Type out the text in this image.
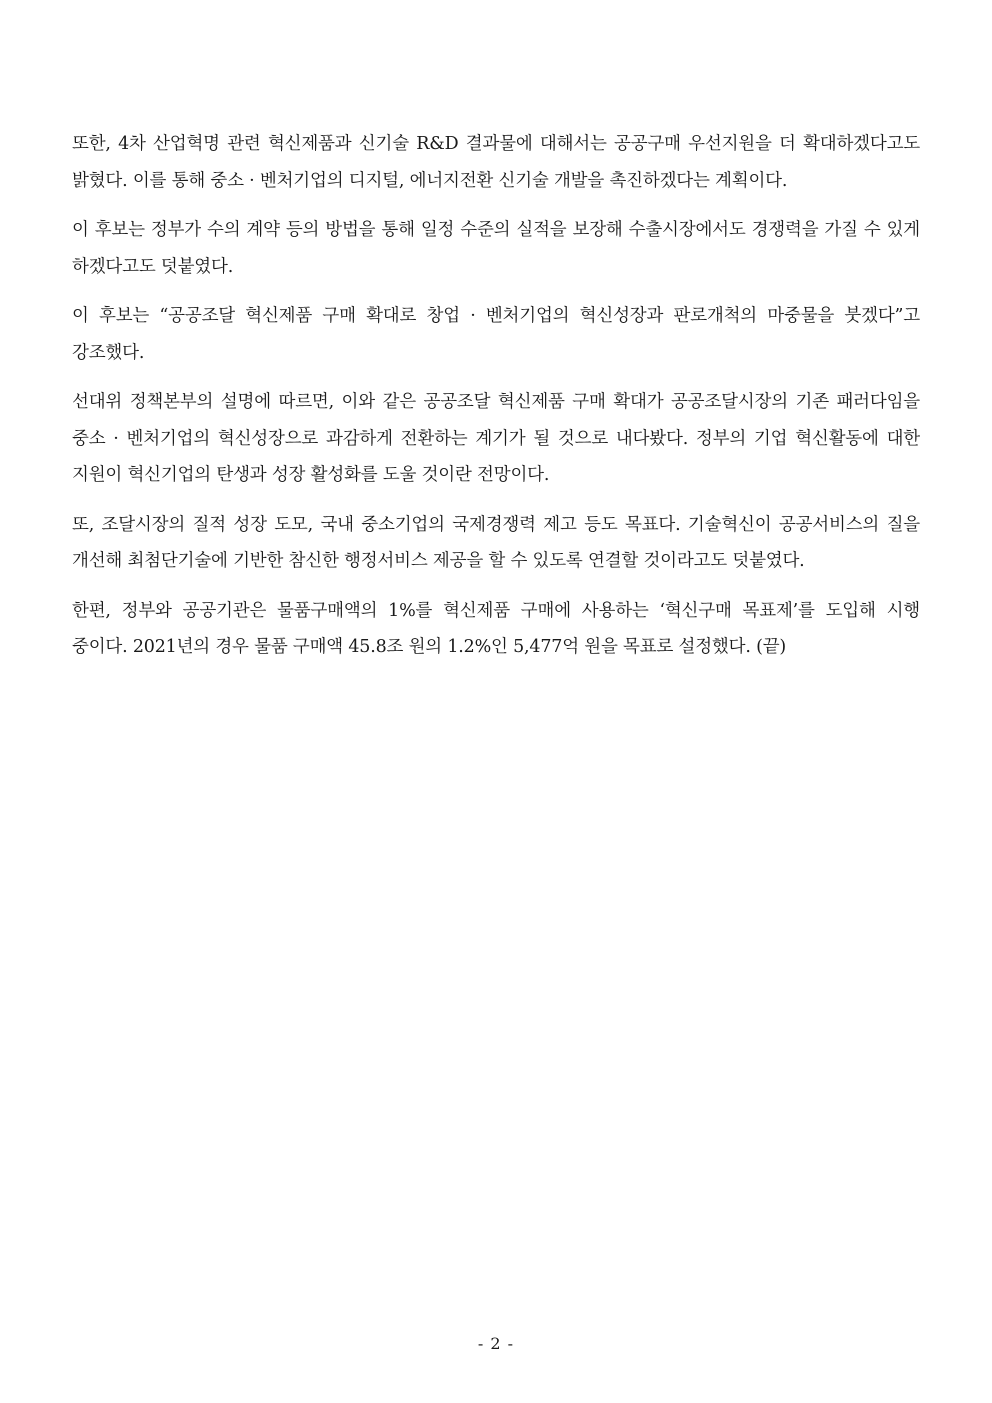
또한, 4차 산업혁명 관련 혁신제품과 신기술 R&D 결과물에 대해서는 공공구매 우선지원을 더 확대하겠다고도 밝혔다. 이를 통해 중소 · 벤처기업의 디지털, 에너지전환 신기술 개발을 촉진하겠다는 계획이다.

이 후보는 정부가 수의 계약 등의 방법을 통해 일정 수준의 실적을 보장해 수출시장에서도 경쟁력을 가질 수 있게 하겠다고도 덧붙였다.

이 후보는 “공공조달 혁신제품 구매 확대로 창업 · 벤처기업의 혁신성장과 판로개척의 마중물을 붓겠다”고 강조했다.

선대위 정책본부의 설명에 따르면, 이와 같은 공공조달 혁신제품 구매 확대가 공공조달시장의 기존 패러다임을 중소 · 벤처기업의 혁신성장으로 과감하게 전환하는 계기가 될 것으로 내다봤다. 정부의 기업 혁신활동에 대한 지원이 혁신기업의 탄생과 성장 활성화를 도울 것이란 전망이다.

또, 조달시장의 질적 성장 도모, 국내 중소기업의 국제경쟁력 제고 등도 목표다. 기술혁신이 공공서비스의 질을 개선해 최첨단기술에 기반한 참신한 행정서비스 제공을 할 수 있도록 연결할 것이라고도 덧붙였다.

한편, 정부와 공공기관은 물품구매액의 1%를 혁신제품 구매에 사용하는 ‘혁신구매 목표제’를 도입해 시행 중이다. 2021년의 경우 물품 구매액 45.8조 원의 1.2%인 5,477억 원을 목표로 설정했다. (끝)

- 2 -
